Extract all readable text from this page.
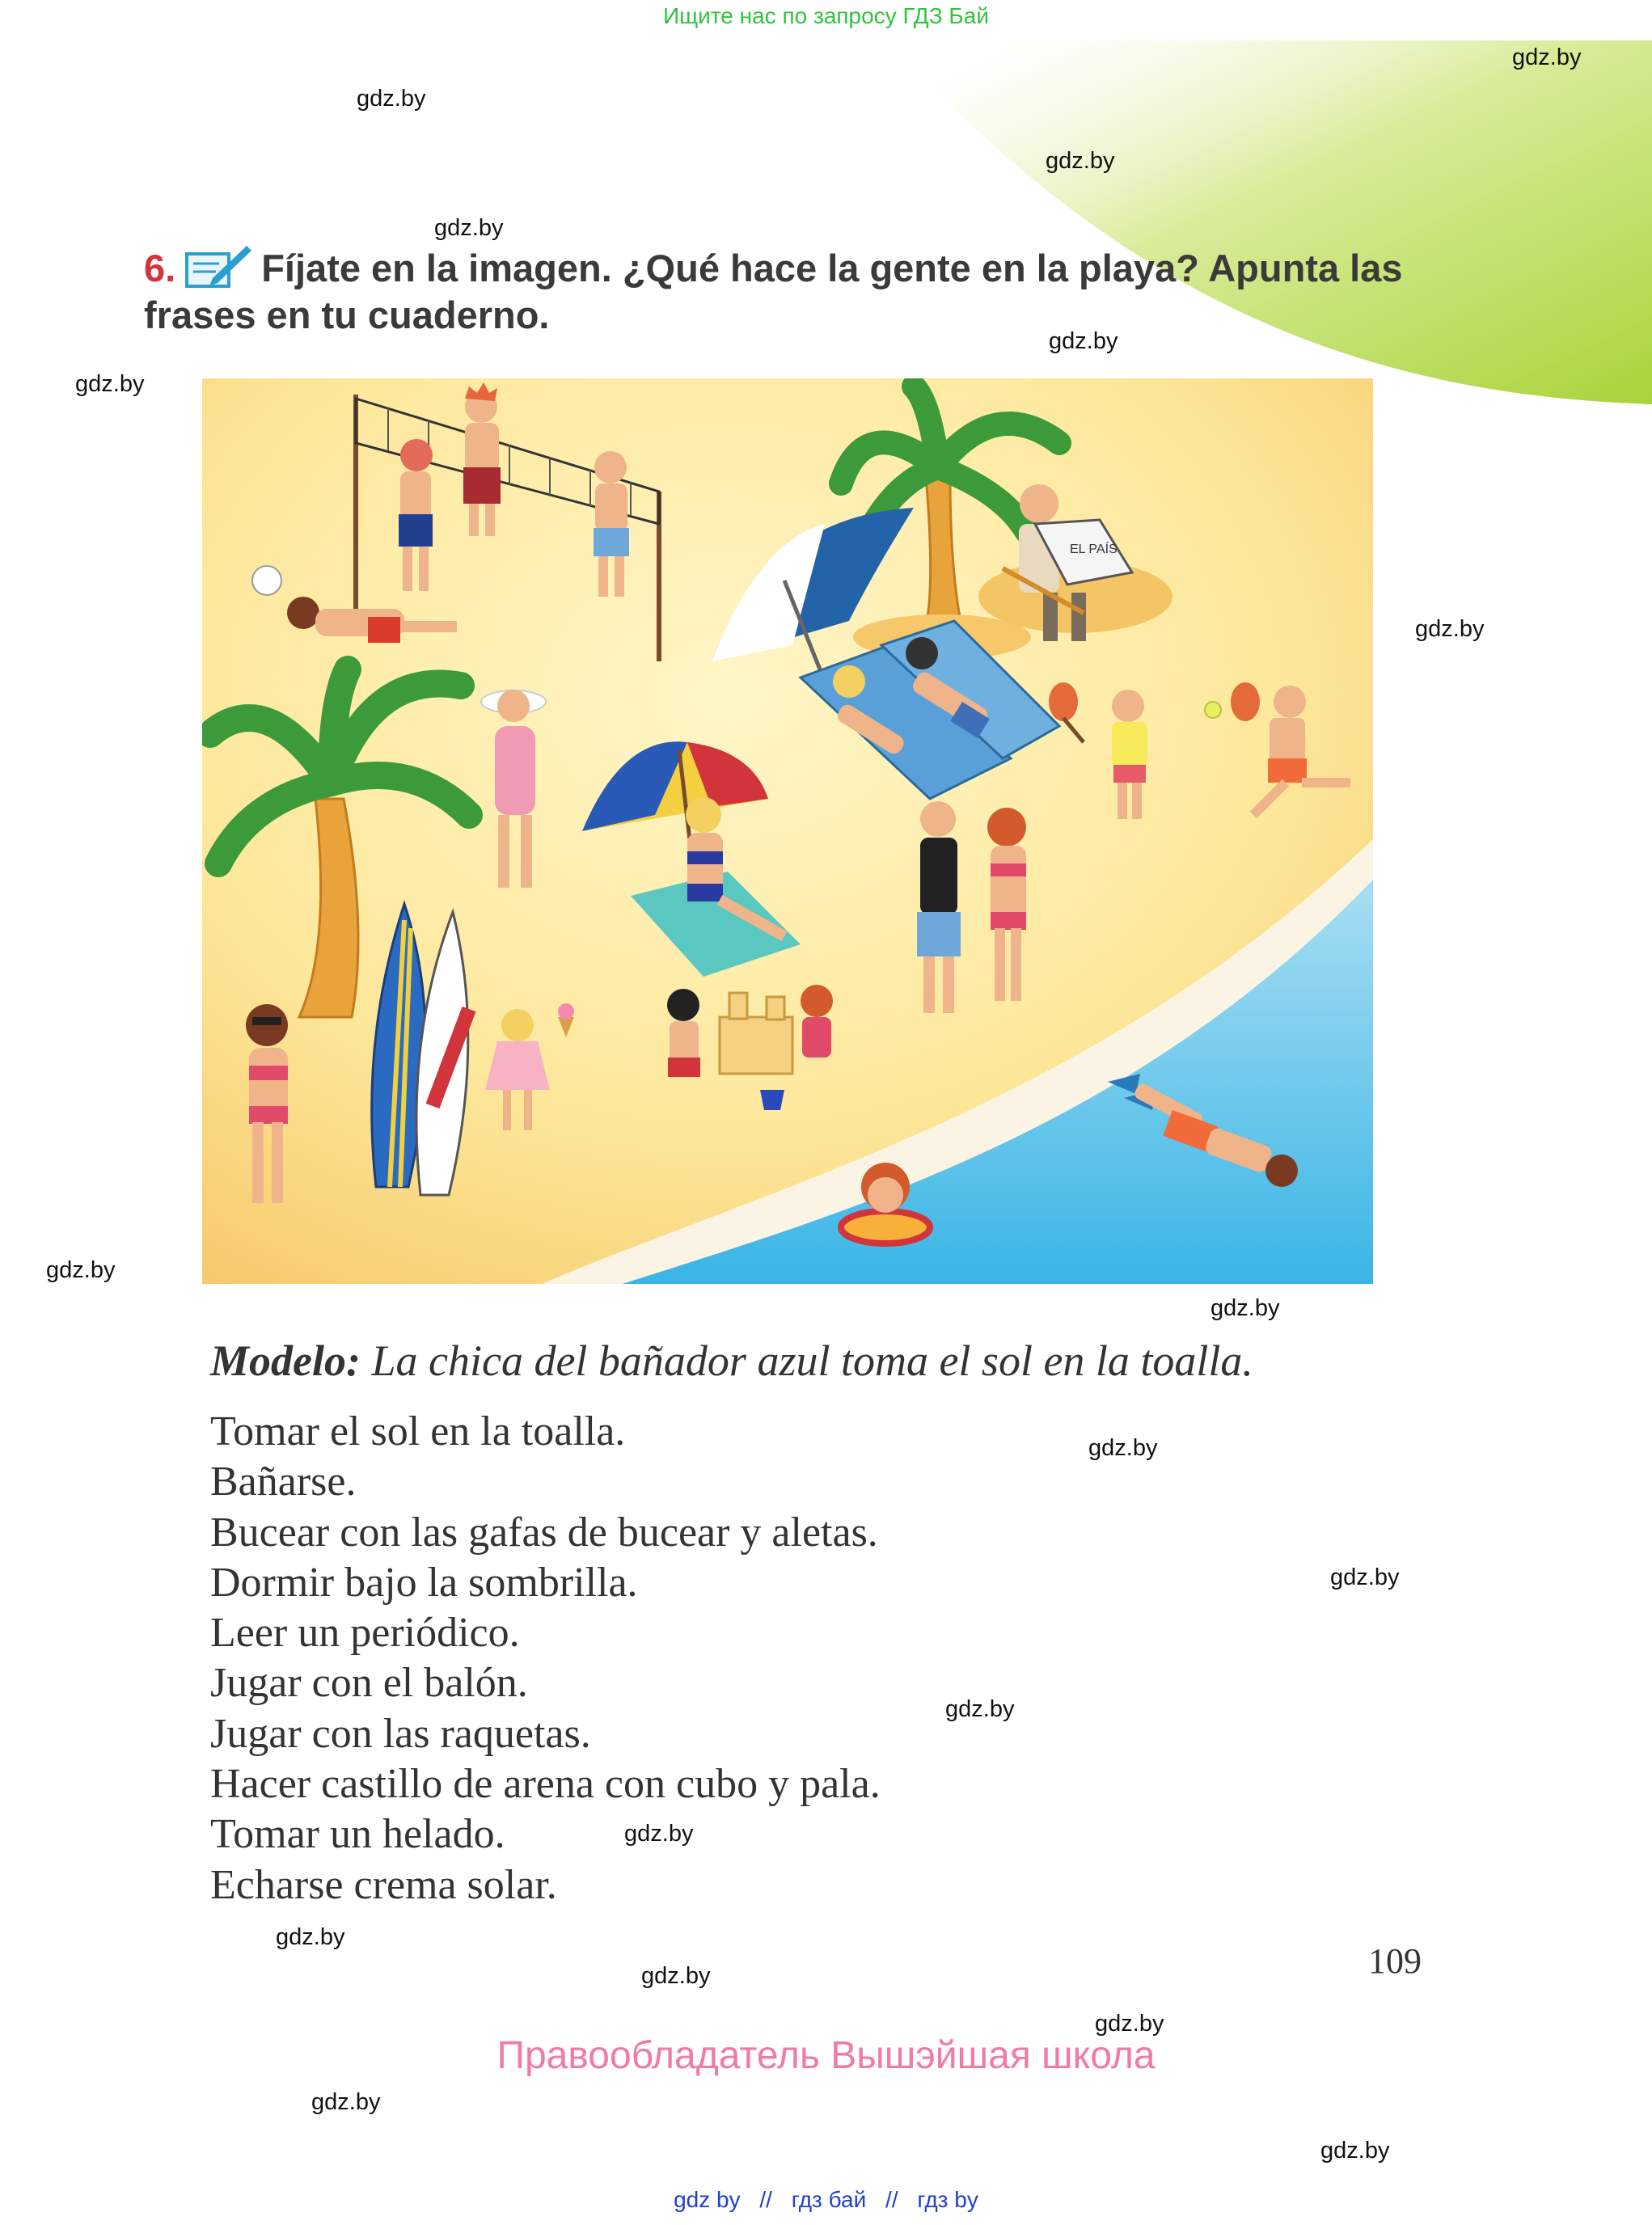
Ищите нас по запросу ГДЗ Бай
gdz.by
gdz.by
gdz.by
gdz.by
gdz.by
gdz.by
gdz.by
gdz.by
gdz.by
gdz.by
gdz.by
gdz.by
gdz.by
gdz.by
gdz.by
gdz.by
gdz.by
gdz.by
6. Fíjate en la imagen. ¿Qué hace la gente en la playa? Apunta las frases en tu cuaderno.
EL PAÍS
Modelo: La chica del bañador azul toma el sol en la toalla.
Tomar el sol en la toalla.
Bañarse.
Bucear con las gafas de bucear y aletas.
Dormir bajo la sombrilla.
Leer un periódico.
Jugar con el balón.
Jugar con las raquetas.
Hacer castillo de arena con cubo y pala.
Tomar un helado.
Echarse crema solar.
109
Правообладатель Вышэйшая школа
gdz by // гдз бай // гдз by
